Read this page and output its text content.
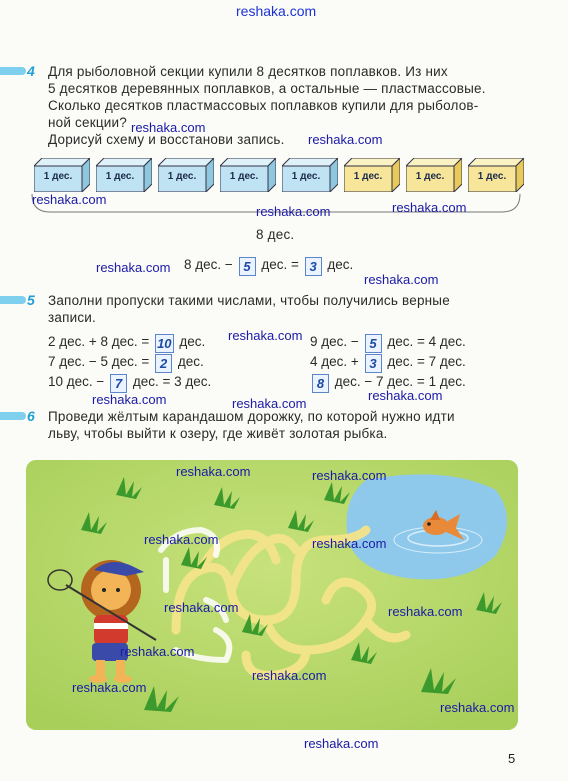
reshaka.com
4 Для рыболовной секции купили 8 десятков поплавков. Из них
5 десятков деревянных поплавков, а остальные — пластмассовые.
Сколько десятков пластмассовых поплавков купили для рыболов-
ной секции?
Дорисуй схему и восстанови запись.
1 дес.	1 дес.	1 дес.	1 дес.	1 дес.	1 дес.	1 дес.	1 дес.
8 дес.
8 дес. − 5 дес. = 3 дес.
5 Заполни пропуски такими числами, чтобы получились верные
записи.
2 дес. + 8 дес. = 10 дес.
7 дес. − 5 дес. = 2 дес.
10 дес. − 7 дес. = 3 дес.
9 дес. − 5 дес. = 4 дес.
4 дес. + 3 дес. = 7 дес.
8 дес. − 7 дес. = 1 дес.
6 Проведи жёлтым карандашом дорожку, по которой нужно идти
льву, чтобы выйти к озеру, где живёт золотая рыбка.
reshaka.com
reshaka.com
reshaka.com
reshaka.com	reshaka.com
reshaka.com
reshaka.com
reshaka.com
reshaka.com	reshaka.com
reshaka.com
reshaka.com	reshaka.com
reshaka.com	reshaka.com
reshaka.com	reshaka.com
reshaka.com
reshaka.com
reshaka.com
reshaka.com
reshaka.com
5
